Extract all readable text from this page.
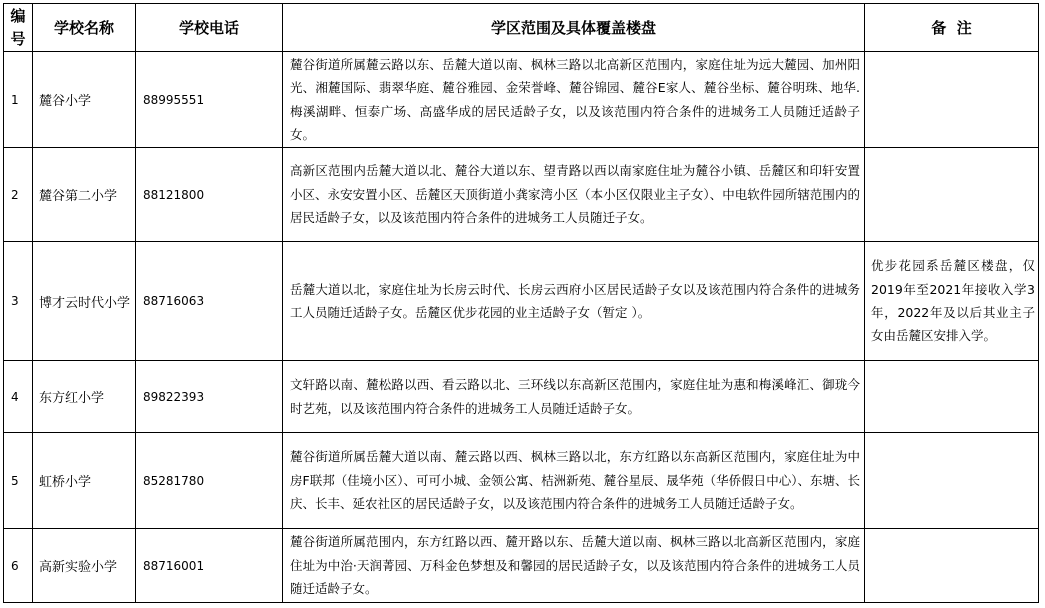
编号	学校名称	学校电话	学区范围及具体覆盖楼盘	备  注
1	麓谷小学	88995551	麓谷街道所属麓云路以东、岳麓大道以南、枫林三路以北高新区范围内，家庭住址为远大麓园、加州阳光、湘麓国际、翡翠华庭、麓谷雅园、金荣誉峰、麓谷锦园、麓谷E家人、麓谷坐标、麓谷明珠、地华.梅溪湖畔、恒泰广场、高盛华成的居民适龄子女，以及该范围内符合条件的进城务工人员随迁适龄子女。	
2	麓谷第二小学	88121800	高新区范围内岳麓大道以北、麓谷大道以东、望青路以西以南家庭住址为麓谷小镇、岳麓区和印轩安置小区、永安安置小区、岳麓区天顶街道小龚家湾小区（本小区仅限业主子女）、中电软件园所辖范围内的居民适龄子女，以及该范围内符合条件的进城务工人员随迁子女。	
3	博才云时代小学	88716063	岳麓大道以北，家庭住址为长房云时代、长房云西府小区居民适龄子女以及该范围内符合条件的进城务工人员随迁适龄子女。岳麓区优步花园的业主适龄子女（暂定 ）。	优步花园系岳麓区楼盘，仅2019年至2021年接收入学3年，2022年及以后其业主子女由岳麓区安排入学。
4	东方红小学	89822393	文轩路以南、麓松路以西、看云路以北、三环线以东高新区范围内，家庭住址为惠和梅溪峰汇、御珑今时艺苑，以及该范围内符合条件的进城务工人员随迁适龄子女。	
5	虹桥小学	85281780	麓谷街道所属岳麓大道以南、麓云路以西、枫林三路以北，东方红路以东高新区范围内，家庭住址为中房F联邦（佳境小区）、可可小城、金领公寓、桔洲新苑、麓谷星辰、晟华苑（华侨假日中心）、东塘、长庆、长丰、延农社区的居民适龄子女，以及该范围内符合条件的进城务工人员随迁适龄子女。	
6	高新实验小学	88716001	麓谷街道所属范围内，东方红路以西、麓开路以东、岳麓大道以南、枫林三路以北高新区范围内，家庭住址为中治·天润菁园、万科金色梦想及和馨园的居民适龄子女，以及该范围内符合条件的进城务工人员随迁适龄子女。	
